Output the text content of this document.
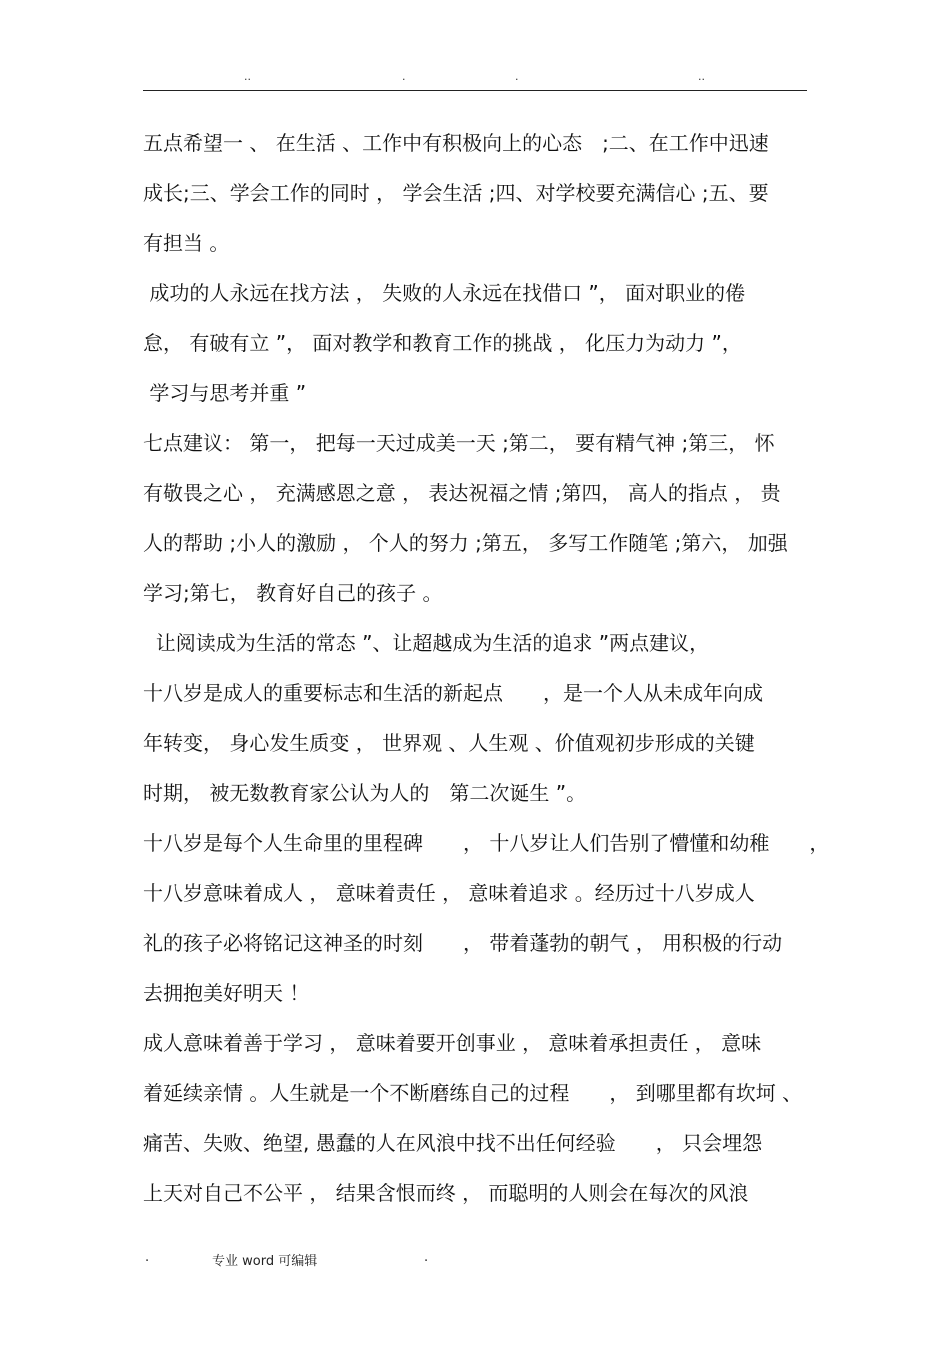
..	.	.	..
五点希望一 、 在生活 、工作中有积极向上的心态　;二、在工作中迅速
成长;三、学会工作的同时 ， 学会生活 ;四、对学校要充满信心 ;五、要
有担当 。
成功的人永远在找方法 ， 失败的人永远在找借口 ”， 面对职业的倦
怠， 有破有立 ”， 面对教学和教育工作的挑战 ， 化压力为动力 ”，
学习与思考并重 ”
七点建议： 第一， 把每一天过成美一天 ;第二， 要有精气神 ;第三， 怀
有敬畏之心 ， 充满感恩之意 ， 表达祝福之情 ;第四， 高人的指点 ， 贵
人的帮助 ;小人的激励 ， 个人的努力 ;第五， 多写工作随笔 ;第六， 加强
学习;第七， 教育好自己的孩子 。
让阅读成为生活的常态 ”、让超越成为生活的追求 ”两点建议，
十八岁是成人的重要标志和生活的新起点　　，是一个人从未成年向成
年转变， 身心发生质变 ， 世界观 、人生观 、价值观初步形成的关键
时期， 被无数教育家公认为人的　第二次诞生 ”。
十八岁是每个人生命里的里程碑　　， 十八岁让人们告别了懵懂和幼稚　　，
十八岁意味着成人 ， 意味着责任 ， 意味着追求 。经历过十八岁成人
礼的孩子必将铭记这神圣的时刻　　， 带着蓬勃的朝气 ， 用积极的行动
去拥抱美好明天 ！
成人意味着善于学习 ， 意味着要开创事业 ， 意味着承担责任 ， 意味
着延续亲情 。人生就是一个不断磨练自己的过程　　， 到哪里都有坎坷 、
痛苦、失败、绝望, 愚蠢的人在风浪中找不出任何经验　　， 只会埋怨
上天对自己不公平 ， 结果含恨而终 ， 而聪明的人则会在每次的风浪
.	专业 word 可编辑	.
